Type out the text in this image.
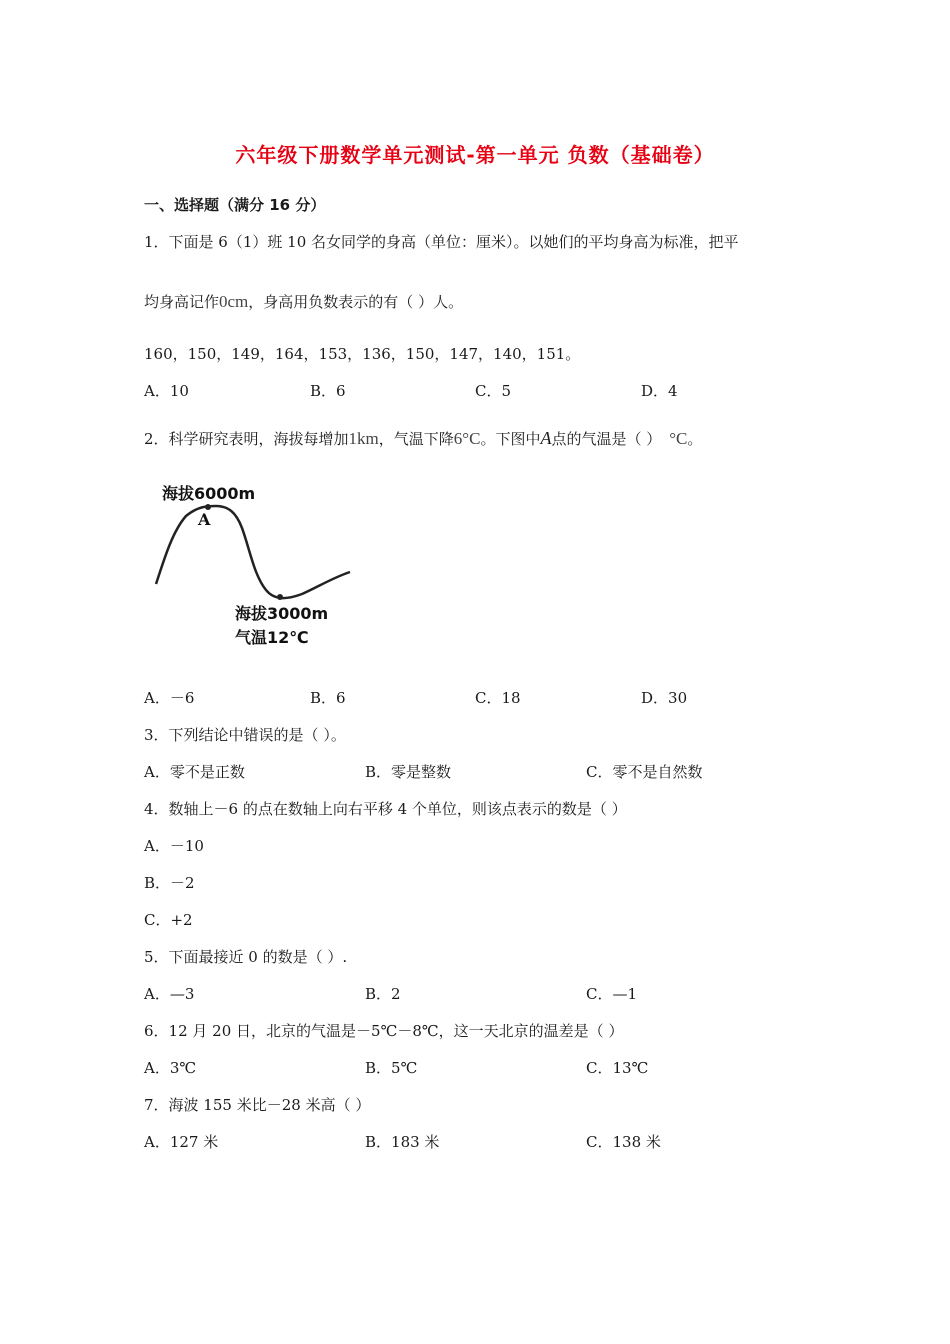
六年级下册数学单元测试-第一单元 负数（基础卷）
一、选择题（满分 16 分）
1．下面是 6（1）班 10 名女同学的身高（单位：厘米）。以她们的平均身高为标准，把平
均身高记作0cm，身高用负数表示的有（ ）人。
160，150，149，164，153，136，150，147，140，151。
A．10	B．6	C．5	D．4
2．科学研究表明，海拔每增加1km，气温下降6°C。下图中A点的气温是（ ） °C。
海拔6000m
A
海拔3000m
气温12℃
A．－6	B．6	C．18	D．30
3．下列结论中错误的是（ ）。
A．零不是正数	B．零是整数	C．零不是自然数
4．数轴上－6 的点在数轴上向右平移 4 个单位，则该点表示的数是（ ）
A．－10
B．－2
C．+2
5．下面最接近 0 的数是（ ）.
A．—3	B．2	C．—1
6．12 月 20 日，北京的气温是－5℃－8℃，这一天北京的温差是（ ）
A．3℃	B．5℃	C．13℃
7．海波 155 米比－28 米高（ ）
A．127 米	B．183 米	C．138 米
